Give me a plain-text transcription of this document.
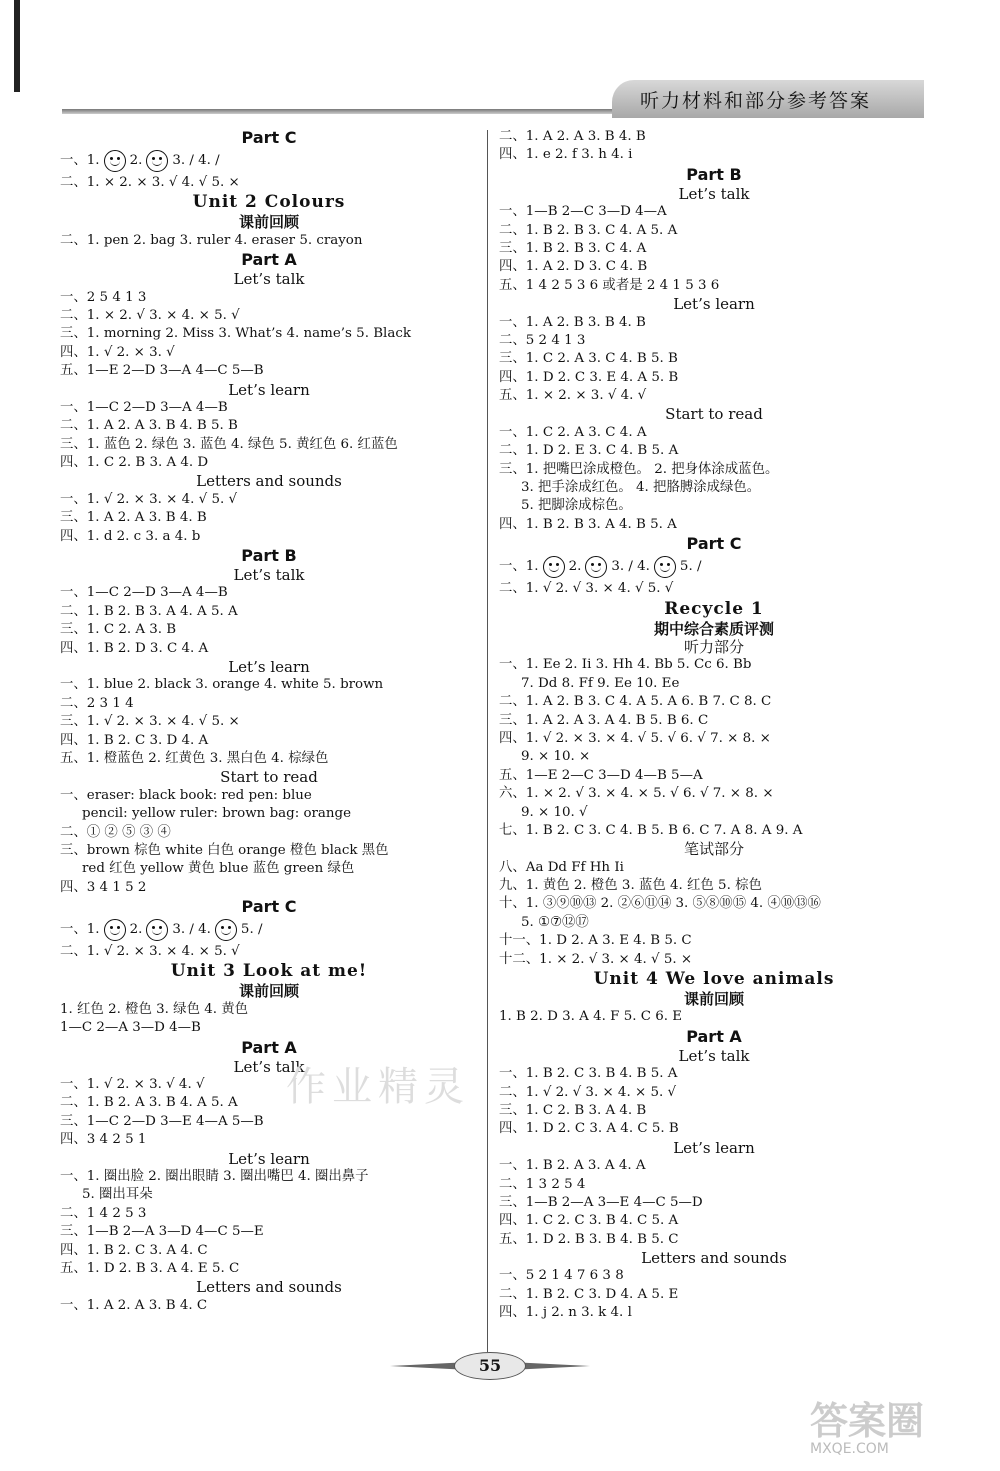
听力材料和部分参考答案
Part C
一、1. 2. 3. / 4. /
二、1. × 2. × 3. √ 4. √ 5. ×
Unit 2 Colours
课前回顾
二、1. pen 2. bag 3. ruler 4. eraser 5. crayon
Part A
Let’s talk
一、2 5 4 1 3
二、1. × 2. √ 3. × 4. × 5. √
三、1. morning 2. Miss 3. What’s 4. name’s 5. Black
四、1. √ 2. × 3. √
五、1—E 2—D 3—A 4—C 5—B
Let’s learn
一、1—C 2—D 3—A 4—B
二、1. A 2. A 3. B 4. B 5. B
三、1. 蓝色 2. 绿色 3. 蓝色 4. 绿色 5. 黄红色 6. 红蓝色
四、1. C 2. B 3. A 4. D
Letters and sounds
一、1. √ 2. × 3. × 4. √ 5. √
三、1. A 2. A 3. B 4. B
四、1. d 2. c 3. a 4. b
Part B
Let’s talk
一、1—C 2—D 3—A 4—B
二、1. B 2. B 3. A 4. A 5. A
三、1. C 2. A 3. B
四、1. B 2. D 3. C 4. A
Let’s learn
一、1. blue 2. black 3. orange 4. white 5. brown
二、2 3 1 4
三、1. √ 2. × 3. × 4. √ 5. ×
四、1. B 2. C 3. D 4. A
五、1. 橙蓝色 2. 红黄色 3. 黑白色 4. 棕绿色
Start to read
一、eraser: black book: red pen: blue
pencil: yellow ruler: brown bag: orange
二、① ② ⑤ ③ ④
三、brown 棕色 white 白色 orange 橙色 black 黑色
red 红色 yellow 黄色 blue 蓝色 green 绿色
四、3 4 1 5 2
Part C
一、1. 2. 3. / 4. 5. /
二、1. √ 2. × 3. × 4. × 5. √
Unit 3 Look at me!
课前回顾
1. 红色 2. 橙色 3. 绿色 4. 黄色
1—C 2—A 3—D 4—B
Part A
Let’s talk
一、1. √ 2. × 3. √ 4. √
二、1. B 2. A 3. B 4. A 5. A
三、1—C 2—D 3—E 4—A 5—B
四、3 4 2 5 1
Let’s learn
一、1. 圈出脸 2. 圈出眼睛 3. 圈出嘴巴 4. 圈出鼻子
5. 圈出耳朵
二、1 4 2 5 3
三、1—B 2—A 3—D 4—C 5—E
四、1. B 2. C 3. A 4. C
五、1. D 2. B 3. A 4. E 5. C
Letters and sounds
一、1. A 2. A 3. B 4. C
二、1. A 2. A 3. B 4. B
四、1. e 2. f 3. h 4. i
Part B
Let’s talk
一、1—B 2—C 3—D 4—A
二、1. B 2. B 3. C 4. A 5. A
三、1. B 2. B 3. C 4. A
四、1. A 2. D 3. C 4. B
五、1 4 2 5 3 6 或者是 2 4 1 5 3 6
Let’s learn
一、1. A 2. B 3. B 4. B
二、5 2 4 1 3
三、1. C 2. A 3. C 4. B 5. B
四、1. D 2. C 3. E 4. A 5. B
五、1. × 2. × 3. √ 4. √
Start to read
一、1. C 2. A 3. C 4. A
二、1. D 2. E 3. C 4. B 5. A
三、1. 把嘴巴涂成橙色。 2. 把身体涂成蓝色。
3. 把手涂成红色。 4. 把胳膊涂成绿色。
5. 把脚涂成棕色。
四、1. B 2. B 3. A 4. B 5. A
Part C
一、1. 2. 3. / 4. 5. /
二、1. √ 2. √ 3. × 4. √ 5. √
Recycle 1
期中综合素质评测
听力部分
一、1. Ee 2. Ii 3. Hh 4. Bb 5. Cc 6. Bb
7. Dd 8. Ff 9. Ee 10. Ee
二、1. A 2. B 3. C 4. A 5. A 6. B 7. C 8. C
三、1. A 2. A 3. A 4. B 5. B 6. C
四、1. √ 2. × 3. × 4. √ 5. √ 6. √ 7. × 8. ×
9. × 10. ×
五、1—E 2—C 3—D 4—B 5—A
六、1. × 2. √ 3. × 4. × 5. √ 6. √ 7. × 8. ×
9. × 10. √
七、1. B 2. C 3. C 4. B 5. B 6. C 7. A 8. A 9. A
笔试部分
八、Aa Dd Ff Hh Ii
九、1. 黄色 2. 橙色 3. 蓝色 4. 红色 5. 棕色
十、1. ③⑨⑩⑬ 2. ②⑥⑪⑭ 3. ⑤⑧⑩⑮ 4. ④⑩⑬⑯
5. ①⑦⑫⑰
十一、1. D 2. A 3. E 4. B 5. C
十二、1. × 2. √ 3. × 4. √ 5. ×
Unit 4 We love animals
课前回顾
1. B 2. D 3. A 4. F 5. C 6. E
Part A
Let’s talk
一、1. B 2. C 3. B 4. B 5. A
二、1. √ 2. √ 3. × 4. × 5. √
三、1. C 2. B 3. A 4. B
四、1. D 2. C 3. A 4. C 5. B
Let’s learn
一、1. B 2. A 3. A 4. A
二、1 3 2 5 4
三、1—B 2—A 3—E 4—C 5—D
四、1. C 2. C 3. B 4. C 5. A
五、1. D 2. B 3. B 4. B 5. C
Letters and sounds
一、5 2 1 4 7 6 3 8
二、1. B 2. C 3. D 4. A 5. E
四、1. j 2. n 3. k 4. l
作业精灵
55
答案圈
MXQE.COM
